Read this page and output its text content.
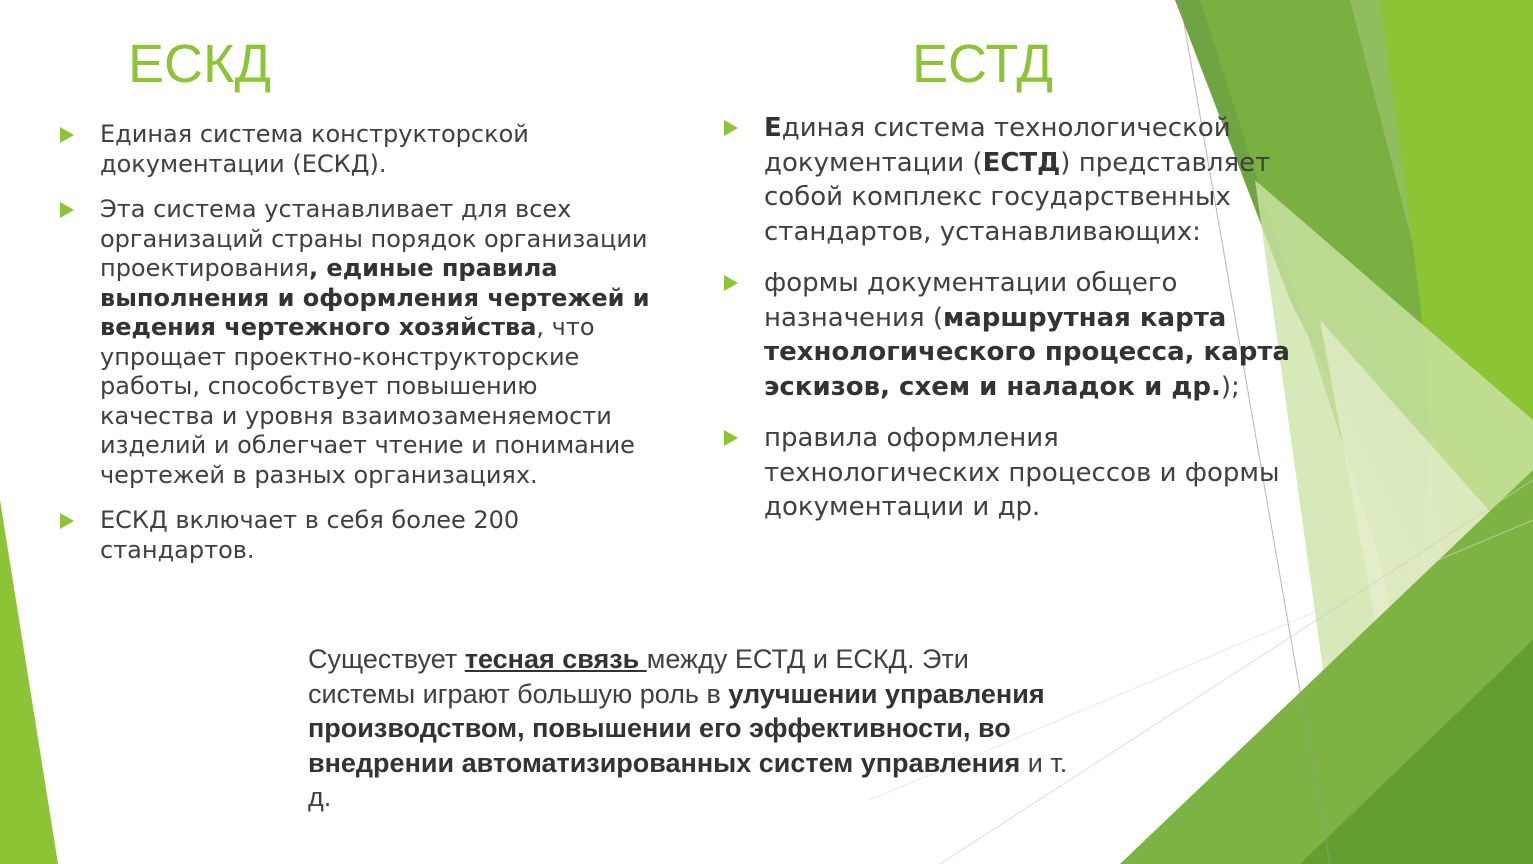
ЕСКД	ЕСТД
Единая система конструкторской документации (ЕСКД).
Эта система устанавливает для всех организаций страны порядок организации проектирования, единые правила выполнения и оформления чертежей и ведения чертежного хозяйства, что упрощает проектно-конструкторские работы, способствует повышению качества и уровня взаимозаменяемости изделий и облегчает чтение и понимание чертежей в разных организациях.
ЕСКД включает в себя более 200 стандартов.
Единая система технологической документации (ЕСТД) представляет собой комплекс государственных стандартов, устанавливающих:
формы документации общего назначения (маршрутная карта технологического процесса, карта эскизов, схем и наладок и др.);
правила оформления технологических процессов и формы документации и др.

Существует тесная связь между ЕСТД и ЕСКД. Эти системы играют большую роль в улучшении управления производством, повышении его эффективности, во внедрении автоматизированных систем управления и т. д.
